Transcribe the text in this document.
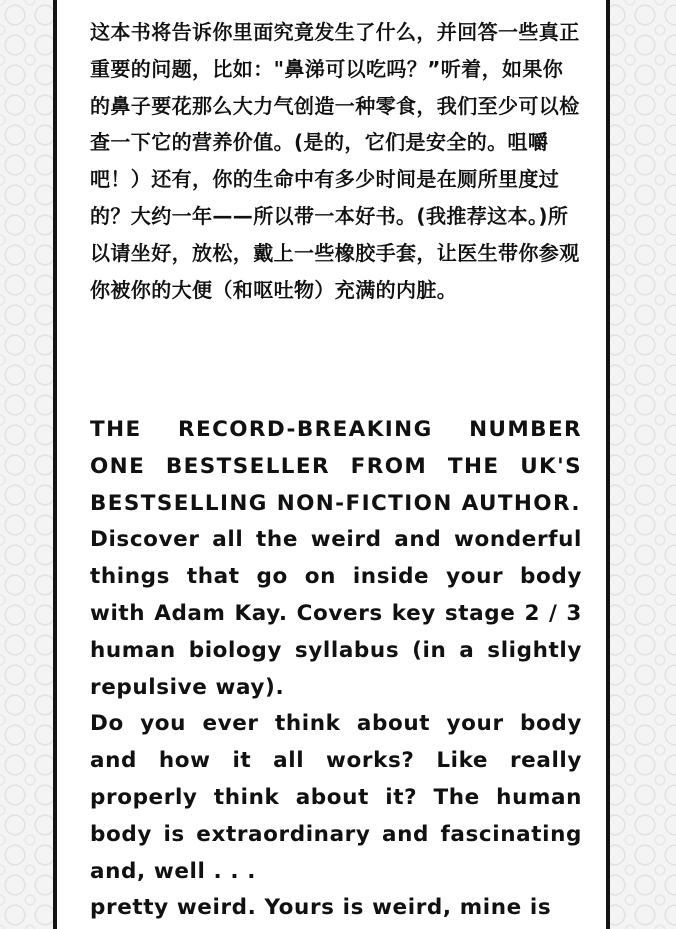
这本书将告诉你里面究竟发生了什么，并回答一些真正重要的问题，比如："鼻涕可以吃吗？”听着，如果你的鼻子要花那么大力气创造一种零食，我们至少可以检查一下它的营养价值。(是的，它们是安全的。咀嚼吧！）还有，你的生命中有多少时间是在厕所里度过的？大约一年——所以带一本好书。(我推荐这本。)所以请坐好，放松，戴上一些橡胶手套，让医生带你参观你被你的大便（和呕吐物）充满的内脏。

THE RECORD-BREAKING NUMBER ONE BESTSELLER FROM THE UK'S BESTSELLING NON-FICTION AUTHOR.

Discover all the weird and wonderful things that go on inside your body with Adam Kay. Covers key stage 2 / 3 human biology syllabus (in a slightly repulsive way).

Do you ever think about your body and how it all works? Like really properly think about it? The human body is extraordinary and fascinating and, well . . .

pretty weird. Yours is weird, mine is
